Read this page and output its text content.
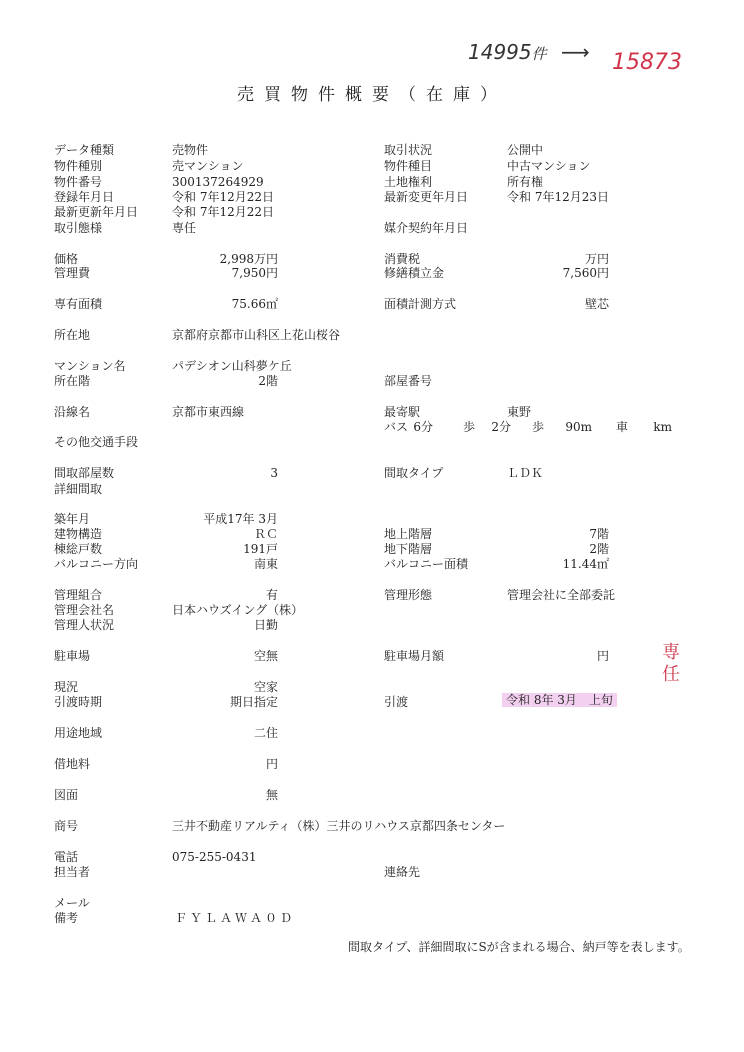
14995件 ⟶ 15873
専任
売買物件概要（在庫）
データ種類	売物件	取引状況	公開中
物件種別	売マンション	物件種目	中古マンション
物件番号	300137264929	土地権利	所有権
登録年月日	令和 7年12月22日	最新変更年月日	令和 7年12月23日
最新更新年月日	令和 7年12月22日
取引態様	専任	媒介契約年月日
価格	2,998万円	消費税	万円
管理費	7,950円	修繕積立金	7,560円
専有面積	75.66㎡	面積計測方式	壁芯
所在地	京都府京都市山科区上花山桜谷
マンション名	パデシオン山科夢ケ丘
所在階	2階	部屋番号
沿線名	京都市東西線	最寄駅	東野
バス 6分	歩	2分 歩	90m 車	km
その他交通手段
間取部屋数	3	間取タイプ	ＬＤＫ
詳細間取
築年月	平成17年 3月
建物構造	ＲＣ	地上階層	7階
棟総戸数	191戸	地下階層	2階
バルコニー方向	南東	バルコニー面積	11.44㎡
管理組合	有	管理形態	管理会社に全部委託
管理会社名	日本ハウズイング（株）
管理人状況	日勤
駐車場	空無	駐車場月額	円
現況	空家
引渡時期	期日指定	引渡	令和 8年 3月　上旬
用途地域	二住
借地料	円
図面	無
商号	三井不動産リアルティ（株）三井のリハウス京都四条センター
電話	075-255-0431
担当者	連絡先
メール
備考	ＦＹＬＡＷＡ０Ｄ
間取タイプ、詳細間取にSが含まれる場合、納戸等を表します。
